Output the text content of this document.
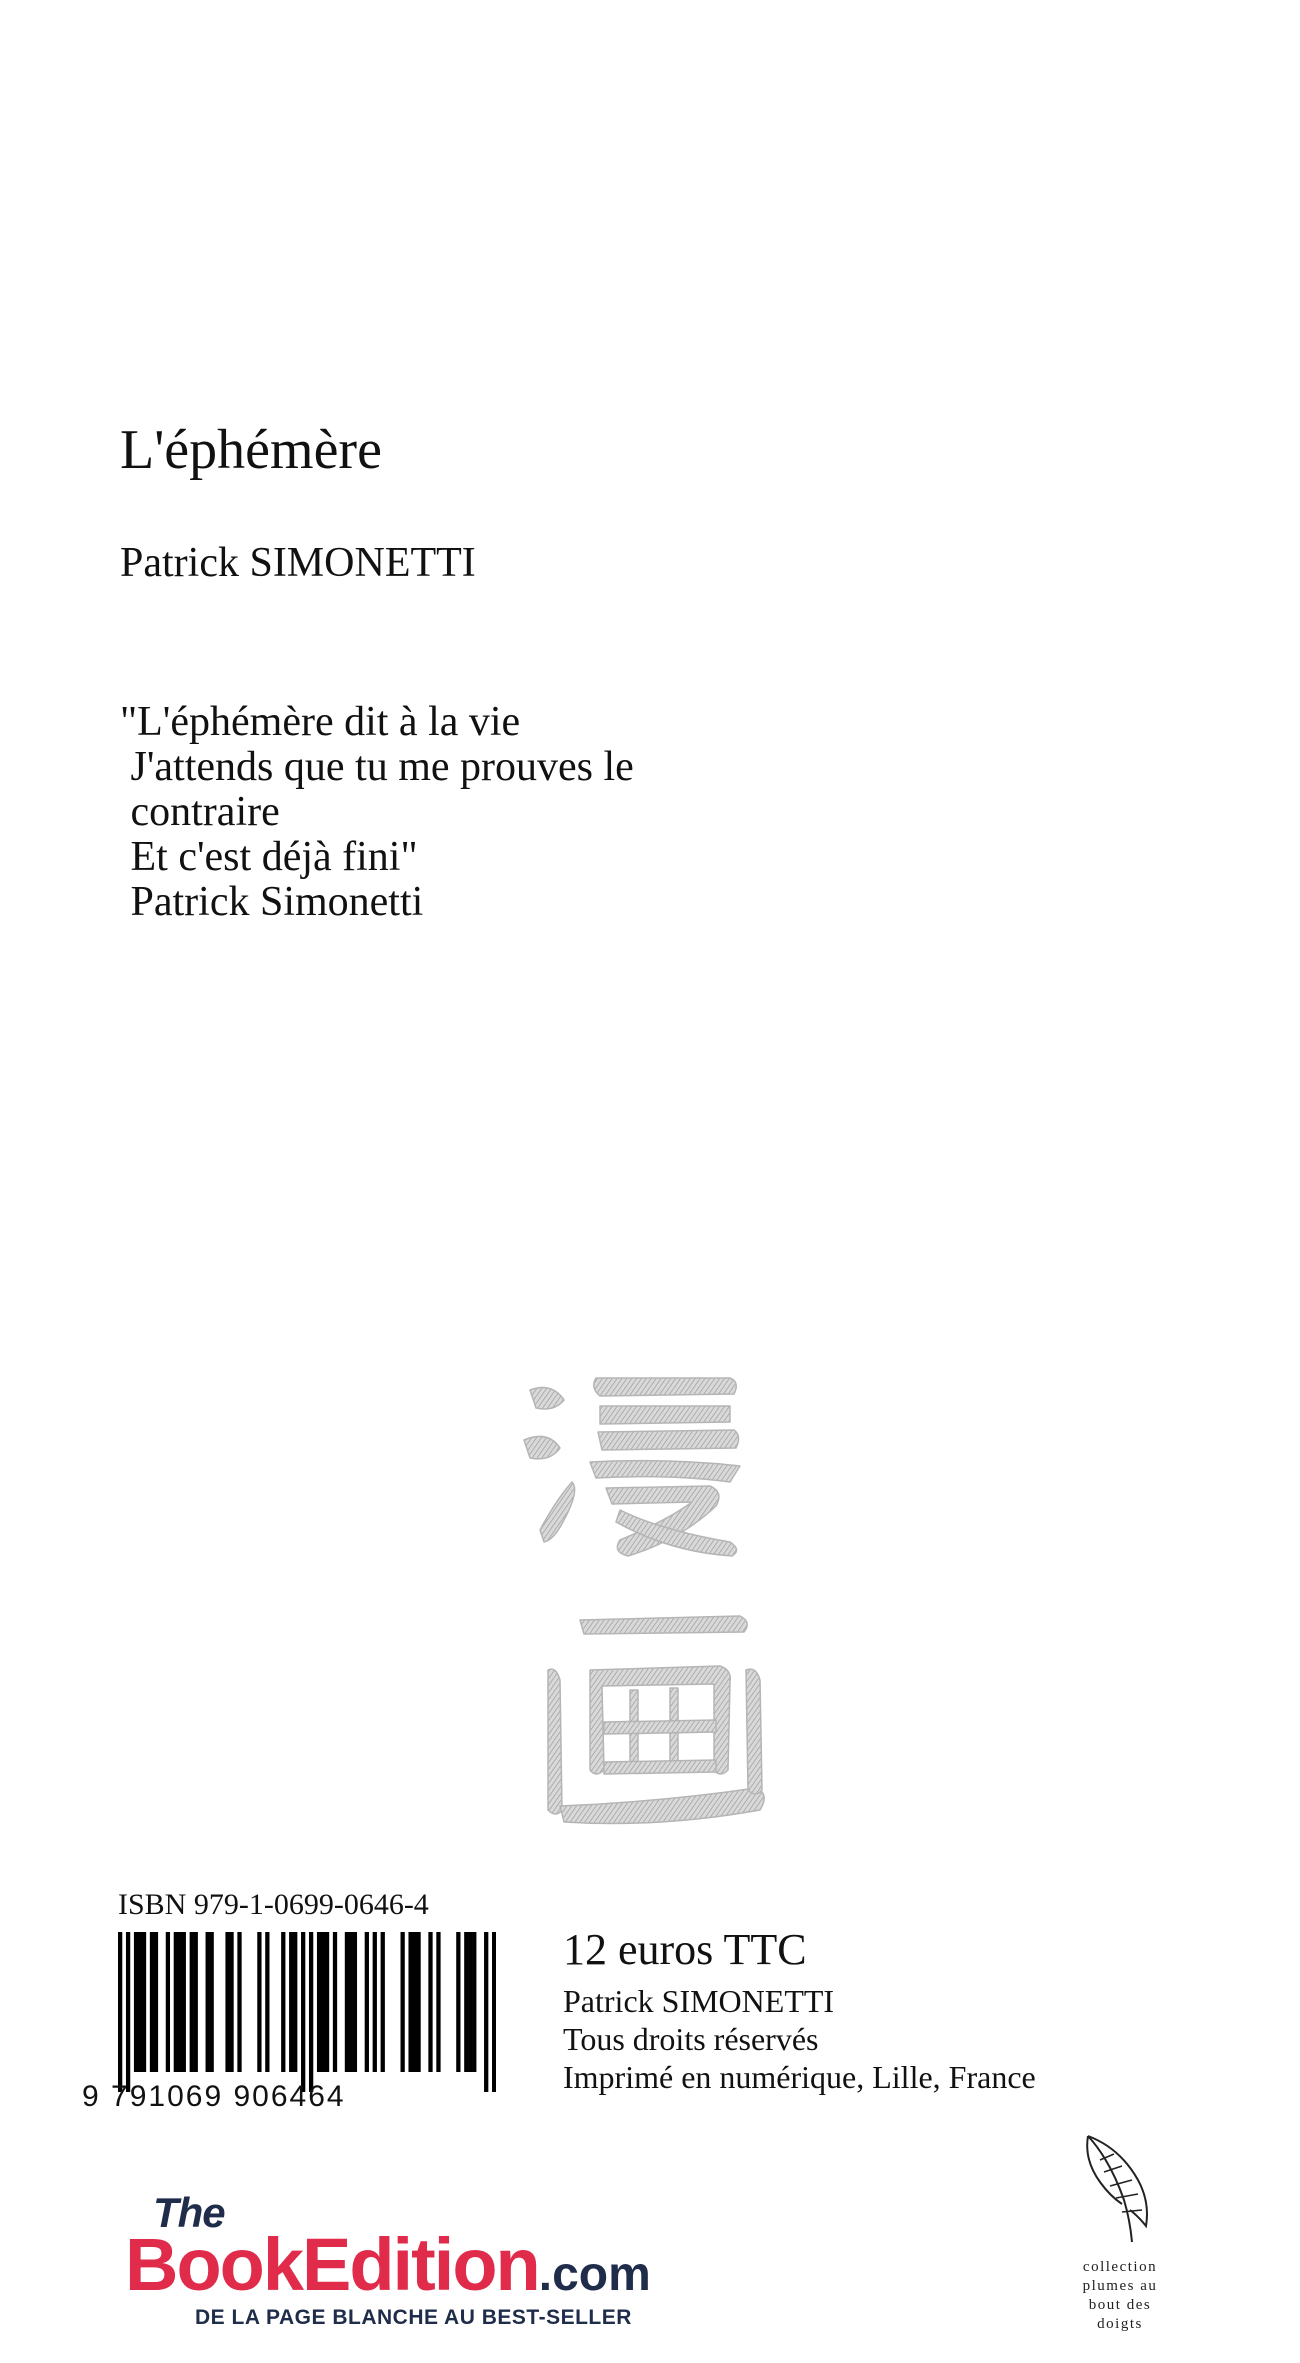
L'éphémère
Patrick SIMONETTI
"L'éphémère dit à la vie
J'attends que tu me prouves le
contraire
Et c'est déjà fini"
Patrick Simonetti
ISBN 979-1-0699-0646-4
9 791069 906464
12 euros TTC
Patrick SIMONETTI
Tous droits réservés
Imprimé en numérique, Lille, France
The
BookEdition.com
DE LA PAGE BLANCHE AU BEST-SELLER
collection
plumes au
bout des
doigts
